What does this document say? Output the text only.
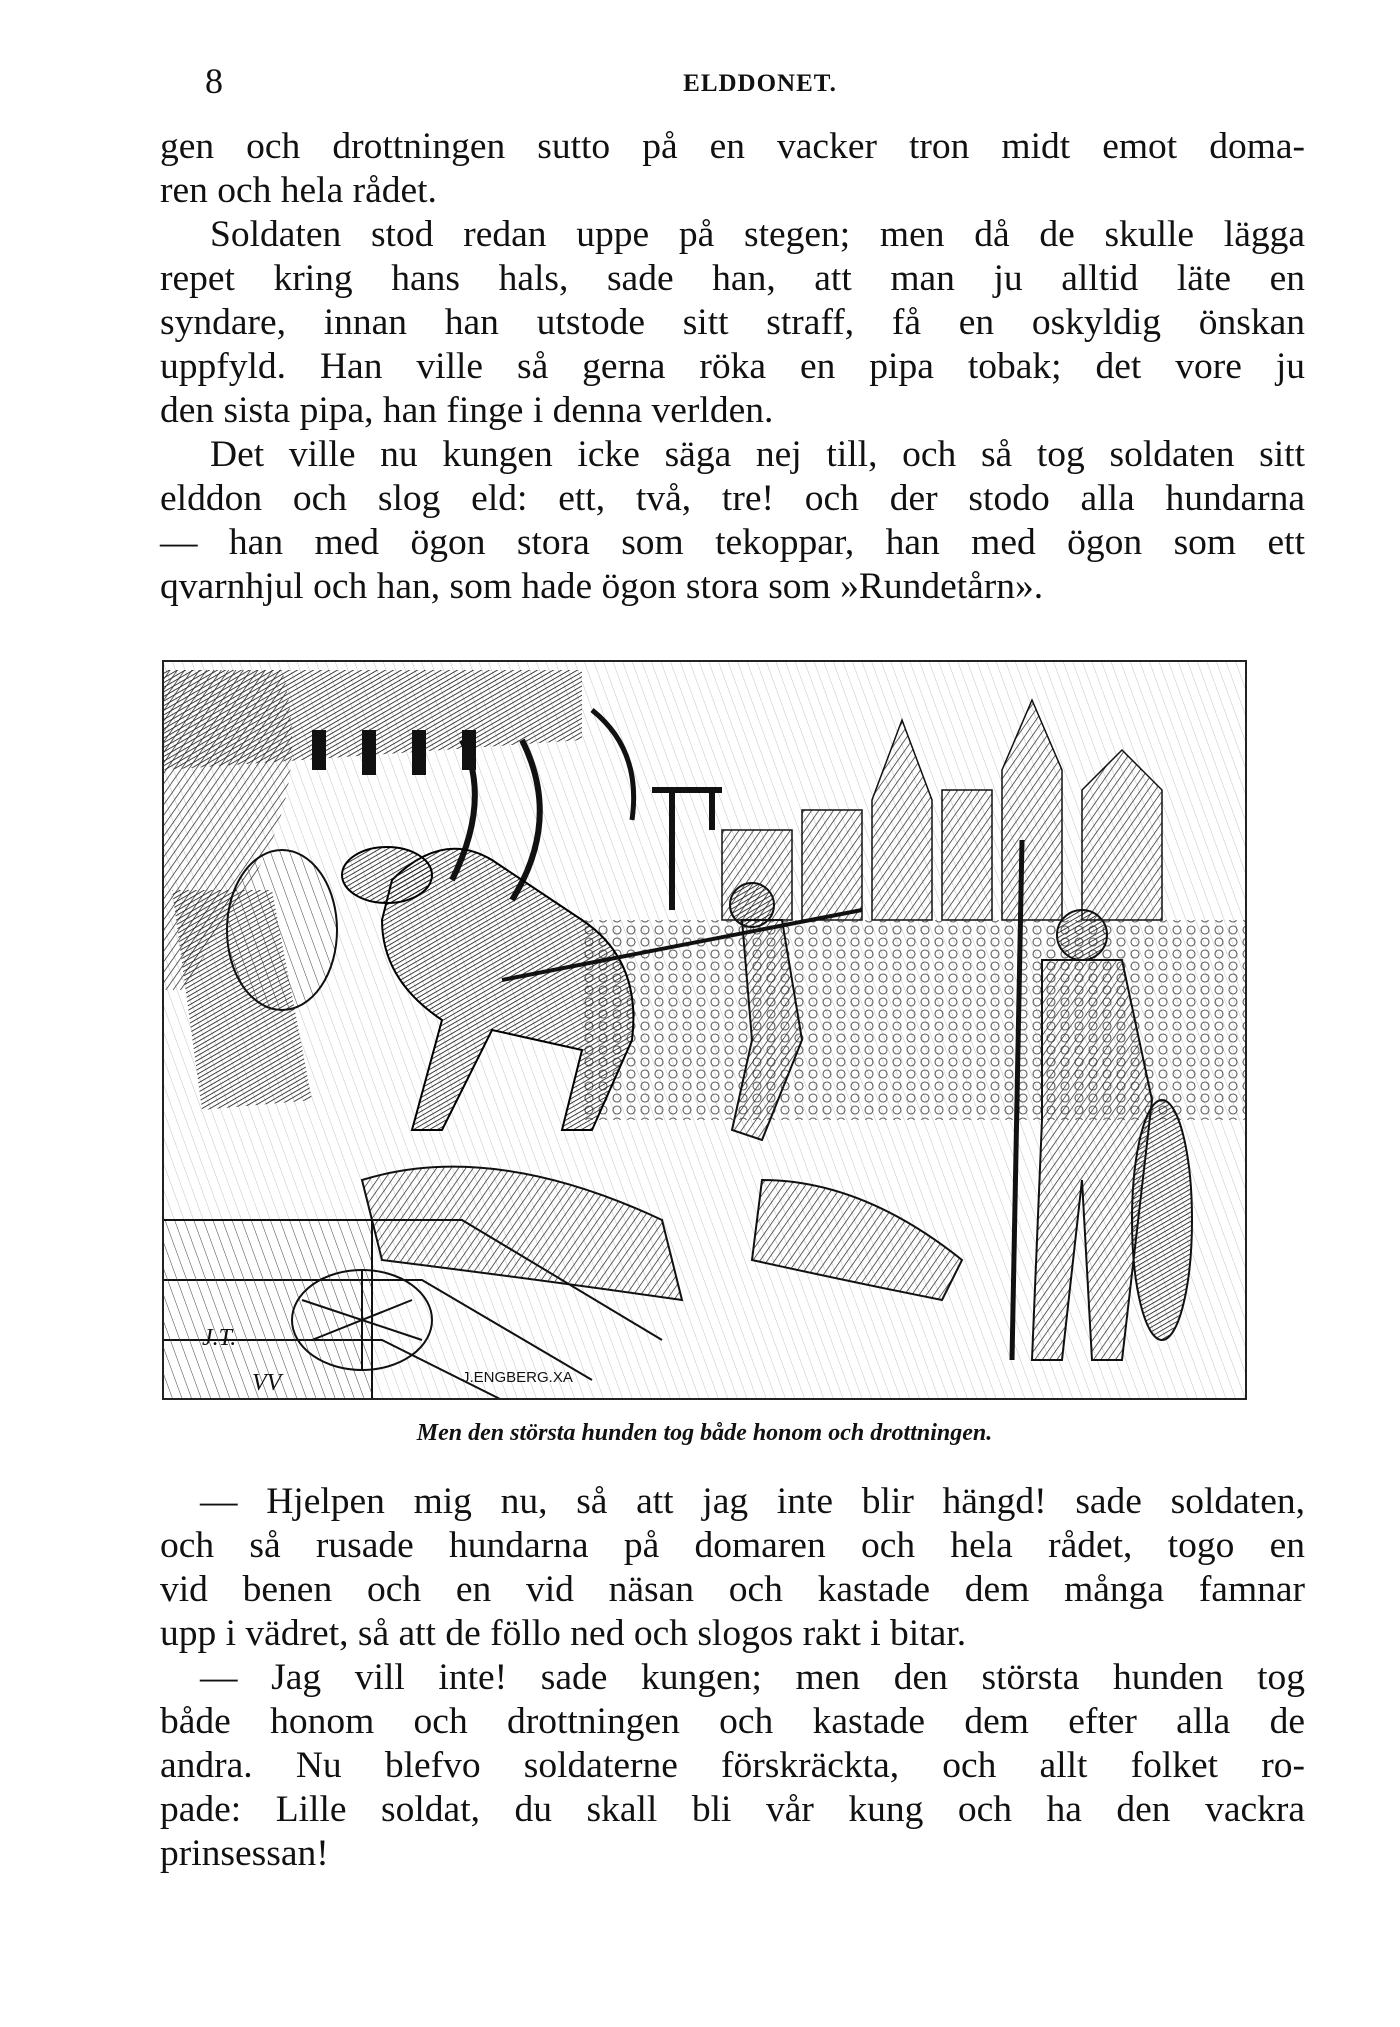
8	ELDDONET.
gen och drottningen sutto på en vacker tron midt emot doma-
ren och hela rådet.
Soldaten stod redan uppe på stegen; men då de skulle lägga
repet kring hans hals, sade han, att man ju alltid läte en
syndare, innan han utstode sitt straff, få en oskyldig önskan
uppfyld. Han ville så gerna röka en pipa tobak; det vore ju
den sista pipa, han finge i denna verlden.
Det ville nu kungen icke säga nej till, och så tog soldaten sitt
elddon och slog eld: ett, två, tre! och der stodo alla hundarna
— han med ögon stora som tekoppar, han med ögon som ett
qvarnhjul och han, som hade ögon stora som »Rundetårn».
J.T.
VV	J.ENGBERG.XA
Men den största hunden tog både honom och drottningen.
— Hjelpen mig nu, så att jag inte blir hängd! sade soldaten,
och så rusade hundarna på domaren och hela rådet, togo en
vid benen och en vid näsan och kastade dem många famnar
upp i vädret, så att de föllo ned och slogos rakt i bitar.
— Jag vill inte! sade kungen; men den största hunden tog
både honom och drottningen och kastade dem efter alla de
andra. Nu blefvo soldaterne förskräckta, och allt folket ro-
pade: Lille soldat, du skall bli vår kung och ha den vackra
prinsessan!
